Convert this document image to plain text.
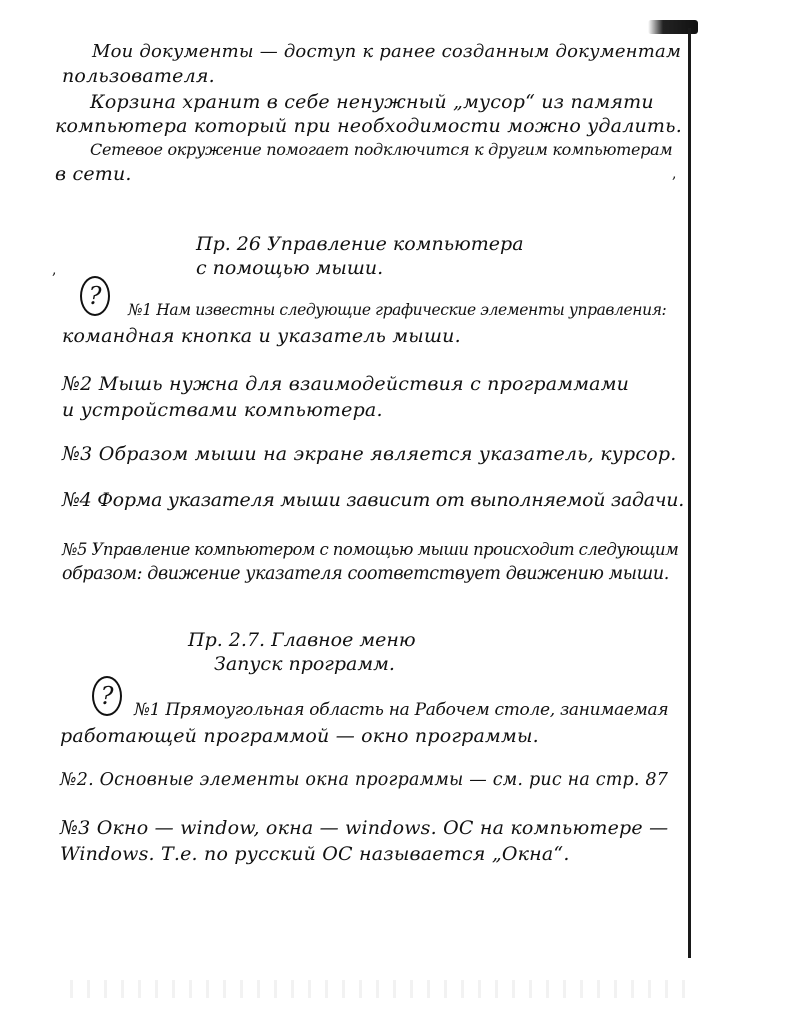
,
Мои документы — доступ к ранее созданным документам
пользователя.
Корзина хранит в себе ненужный „мусор“ из памяти
компьютера который при необходимости можно удалить.
Сетевое окружение помогает подключится к другим компьютерам
в сети.
Пр. 26 Управление компьютера
с помощью мыши.
,
?	№1 Нам известны следующие графические элементы управления:
командная кнопка и указатель мыши.
№2 Мышь нужна для взаимодействия с программами
и устройствами компьютера.
№3 Образом мыши на экране является указатель, курсор.
№4 Форма указателя мыши зависит от выполняемой задачи.
№5 Управление компьютером с помощью мыши происходит следующим
образом: движение указателя соответствует движению мыши.
Пр. 2.7. Главное меню
Запуск программ.
?	№1 Прямоугольная область на Рабочем столе, занимаемая
работающей программой — окно программы.
№2. Основные элементы окна программы — см. рис на стр. 87
№3 Окно — window, окна — windows. ОС на компьютере —
Windows. Т.е. по русский ОС называется „Окна“.
